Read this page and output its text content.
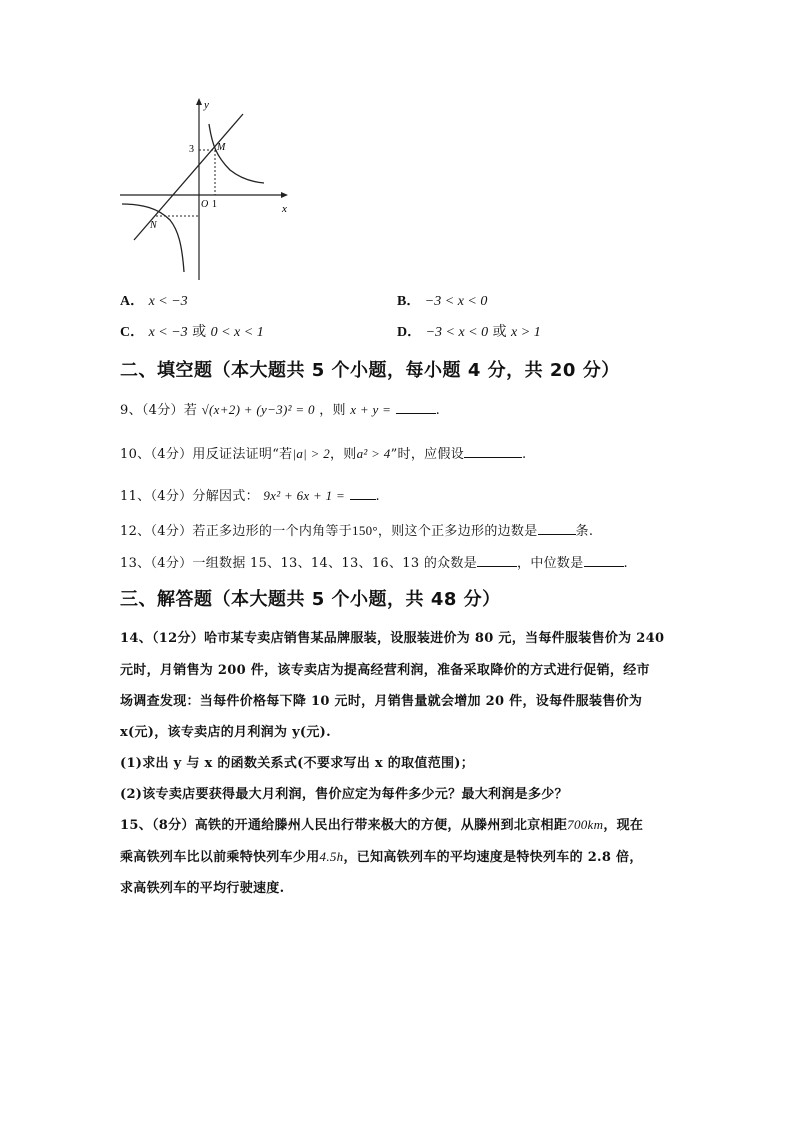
y
x
3
1
O
M
N
A． x < −3	B． −3 < x < 0
C． x < −3 或 0 < x < 1	D． −3 < x < 0 或 x > 1
二、填空题（本大题共 5 个小题，每小题 4 分，共 20 分）
9、（4分）若 √(x+2) + (y−3)² = 0 ，则 x + y =	.
10、（4分）用反证法证明“若|a| > 2，则a² > 4”时，应假设	.
11、（4分）分解因式： 9x² + 6x + 1 = .
12、（4分）若正多边形的一个内角等于150°，则这个正多边形的边数是	条.
13、（4分）一组数据 15、13、14、13、16、13 的众数是	，中位数是	.
三、解答题（本大题共 5 个小题，共 48 分）
14、（12分）哈市某专卖店销售某品牌服装，设服装进价为 80 元，当每件服装售价为 240
元时，月销售为 200 件，该专卖店为提高经营利润，准备采取降价的方式进行促销，经市
场调查发现：当每件价格每下降 10 元时，月销售量就会增加 20 件，设每件服装售价为
x(元)，该专卖店的月利润为 y(元).
(1)求出 y 与 x 的函数关系式(不要求写出 x 的取值范围)；
(2)该专卖店要获得最大月利润，售价应定为每件多少元？最大利润是多少？
15、（8分）高铁的开通给滕州人民出行带来极大的方便，从滕州到北京相距700km，现在
乘高铁列车比以前乘特快列车少用4.5h，已知高铁列车的平均速度是特快列车的 2.8 倍，
求高铁列车的平均行驶速度.
